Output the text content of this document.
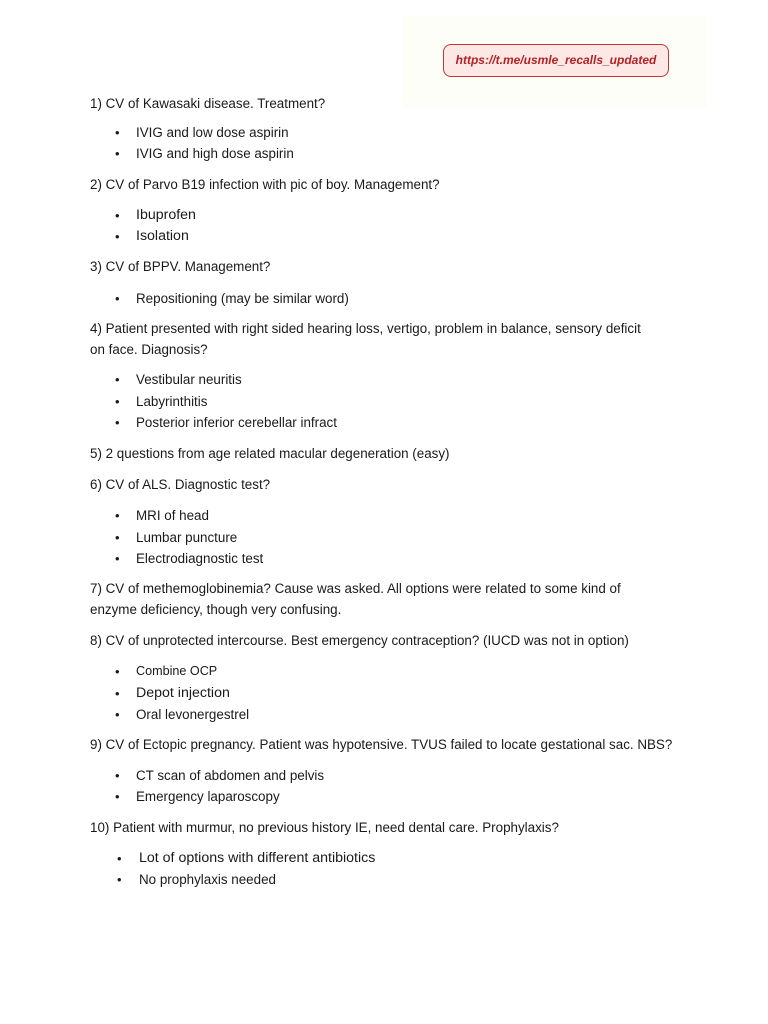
https://t.me/usmle_recalls_updated

1) CV of Kawasaki disease. Treatment?

• IVIG and low dose aspirin
• IVIG and high dose aspirin

2) CV of Parvo B19 infection with pic of boy. Management?

• Ibuprofen
• Isolation

3) CV of BPPV. Management?

• Repositioning (may be similar word)

4) Patient presented with right sided hearing loss, vertigo, problem in balance, sensory deficit
on face. Diagnosis?

• Vestibular neuritis
• Labyrinthitis
• Posterior inferior cerebellar infract

5) 2 questions from age related macular degeneration (easy)

6) CV of ALS. Diagnostic test?

• MRI of head
• Lumbar puncture
• Electrodiagnostic test

7) CV of methemoglobinemia? Cause was asked. All options were related to some kind of
enzyme deficiency, though very confusing.

8) CV of unprotected intercourse. Best emergency contraception? (IUCD was not in option)

• Combine OCP
• Depot injection
• Oral levonergestrel

9) CV of Ectopic pregnancy. Patient was hypotensive. TVUS failed to locate gestational sac. NBS?

• CT scan of abdomen and pelvis
• Emergency laparoscopy

10) Patient with murmur, no previous history IE, need dental care. Prophylaxis?

• Lot of options with different antibiotics
• No prophylaxis needed
